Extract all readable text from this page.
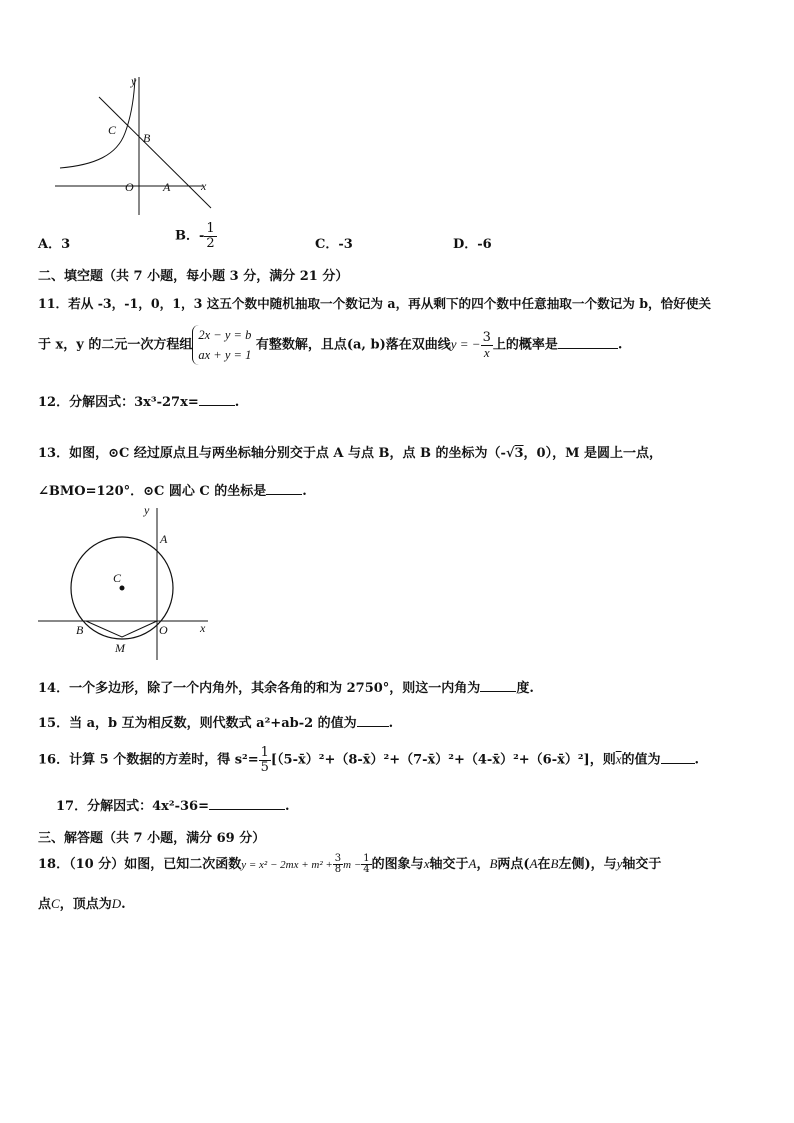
y
x
C
B
O A
A．3
B．- $\frac{1}{2}$	C．-3	D．-6
二、填空题（共 7 小题，每小题 3 分，满分 21 分）
11．若从 -3，-1，0，1，3 这五个数中随机抽取一个数记为 a，再从剩下的四个数中任意抽取一个数记为 b，恰好使关
于 x，y 的二元一次方程组
2x − y = b
ax + y = 1
有整数解，且点(a, b)落在双曲线y = − $\frac{3}{x}$ 上的概率是	.
12．分解因式：3x³-27x=	.
13．如图，⊙C 经过原点且与两坐标轴分别交于点 A 与点 B，点 B 的坐标为（-√3，0），M 是圆上一点，
∠BMO=120°．⊙C 圆心 C 的坐标是	.
y
A
C
B	O	x
M
14．一个多边形，除了一个内角外，其余各角的和为 2750°，则这一内角为	度.
15．当 a，b 互为相反数，则代数式 a²+ab-2 的值为 .
16．计算 5 个数据的方差时，得 $s^2= \frac{1}{5}$ [（5-x̄）²+（8-x̄）²+（7-x̄）²+（4-x̄）²+（6-x̄）²]，则$\overline{x}$的值为	.
17．分解因式：4x²-36=	.
三、解答题（共 7 小题，满分 69 分）
18．（10 分）如图，已知二次函数$y = x^2 - 2mx + m^2 + \frac{3}{8}$ $m - \frac{1}{4}$ 的图象与x轴交于A，B两点(A在B左侧)，与y轴交于
点C，顶点为D.
